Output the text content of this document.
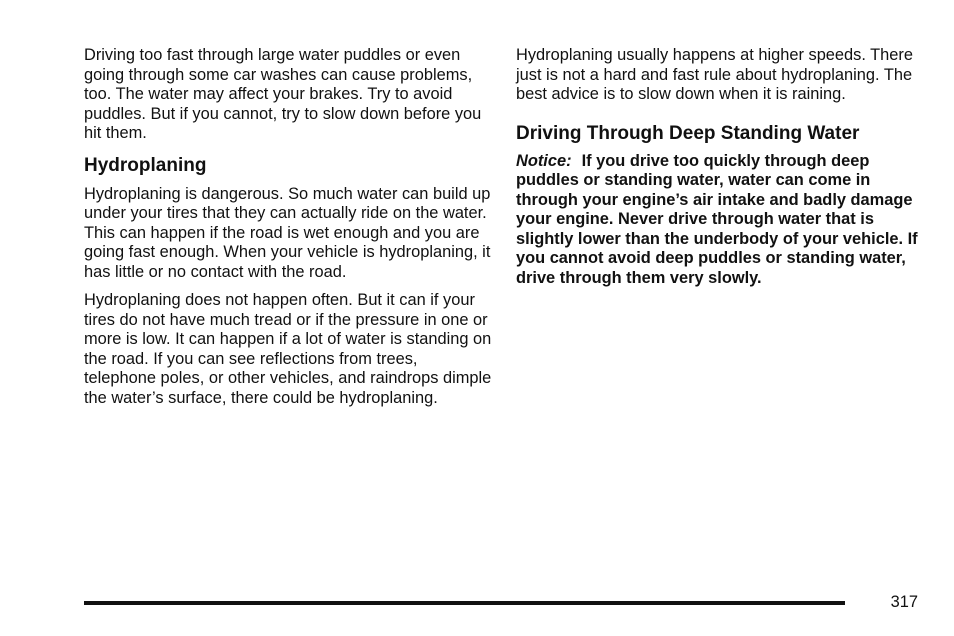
Driving too fast through large water puddles or even going through some car washes can cause problems, too. The water may affect your brakes. Try to avoid puddles. But if you cannot, try to slow down before you hit them.

Hydroplaning

Hydroplaning is dangerous. So much water can build up under your tires that they can actually ride on the water. This can happen if the road is wet enough and you are going fast enough. When your vehicle is hydroplaning, it has little or no contact with the road.

Hydroplaning does not happen often. But it can if your tires do not have much tread or if the pressure in one or more is low. It can happen if a lot of water is standing on the road. If you can see reflections from trees, telephone poles, or other vehicles, and raindrops dimple the water’s surface, there could be hydroplaning.

Hydroplaning usually happens at higher speeds. There just is not a hard and fast rule about hydroplaning. The best advice is to slow down when it is raining.

Driving Through Deep Standing Water

Notice: If you drive too quickly through deep puddles or standing water, water can come in through your engine’s air intake and badly damage your engine. Never drive through water that is slightly lower than the underbody of your vehicle. If you cannot avoid deep puddles or standing water, drive through them very slowly.

317
